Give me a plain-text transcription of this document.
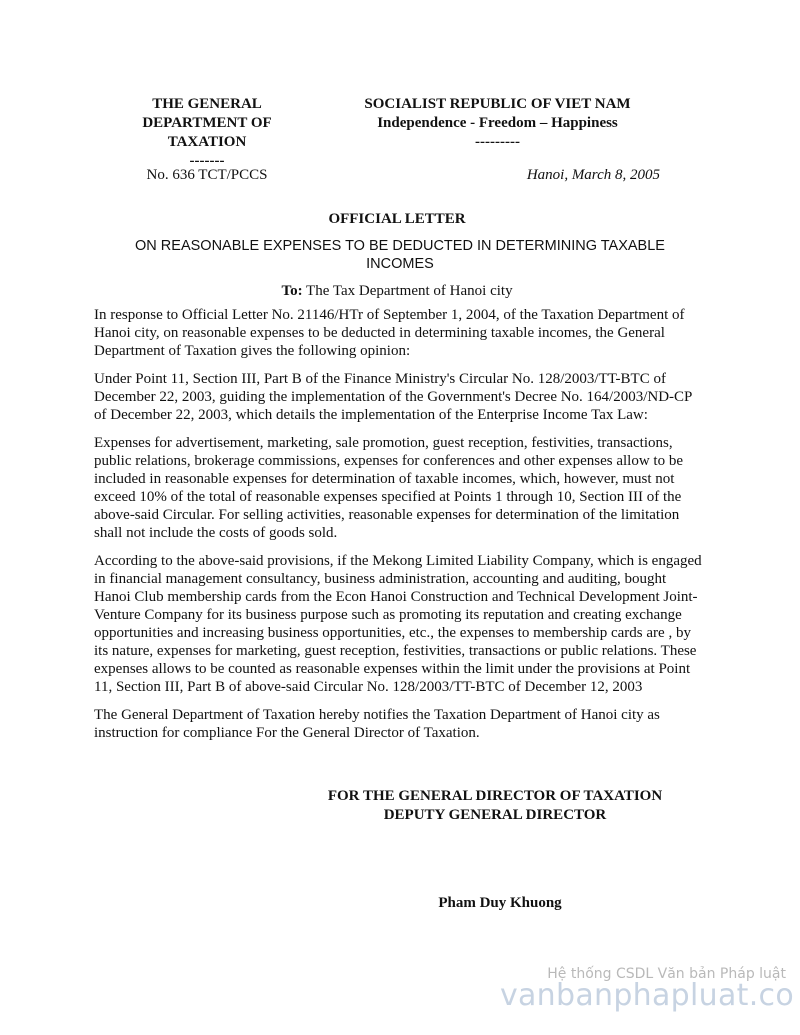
THE GENERAL
DEPARTMENT OF
TAXATION
-------
SOCIALIST REPUBLIC OF VIET NAM
Independence - Freedom – Happiness
---------
No. 636 TCT/PCCS	Hanoi, March 8, 2005
OFFICIAL LETTER
ON REASONABLE EXPENSES TO BE DEDUCTED IN DETERMINING TAXABLE INCOMES
To: The Tax Department of Hanoi city

In response to Official Letter No. 21146/HTr of September 1, 2004, of the Taxation Department of Hanoi city, on reasonable expenses to be deducted in determining taxable incomes, the General Department of Taxation gives the following opinion:

Under Point 11, Section III, Part B of the Finance Ministry's Circular No. 128/2003/TT-BTC of December 22, 2003, guiding the implementation of the Government's Decree No. 164/2003/ND-CP of December 22, 2003, which details the implementation of the Enterprise Income Tax Law:

Expenses for advertisement, marketing, sale promotion, guest reception, festivities, transactions, public relations, brokerage commissions, expenses for conferences and other expenses allow to be included in reasonable expenses for determination of taxable incomes, which, however, must not exceed 10% of the total of reasonable expenses specified at Points 1 through 10, Section III of the above-said Circular. For selling activities, reasonable expenses for determination of the limitation shall not include the costs of goods sold.

According to the above-said provisions, if the Mekong Limited Liability Company, which is engaged in financial management consultancy, business administration, accounting and auditing, bought Hanoi Club membership cards from the Econ Hanoi Construction and Technical Development Joint-Venture Company for its business purpose such as promoting its reputation and creating exchange opportunities and increasing business opportunities, etc., the expenses to membership cards are , by its nature, expenses for marketing, guest reception, festivities, transactions or public relations. These expenses allows to be counted as reasonable expenses within the limit under the provisions at Point 11, Section III, Part B of above-said Circular No. 128/2003/TT-BTC of December 12, 2003

The General Department of Taxation hereby notifies the Taxation Department of Hanoi city as instruction for compliance For the General Director of Taxation.

FOR THE GENERAL DIRECTOR OF TAXATION
DEPUTY GENERAL DIRECTOR
Pham Duy Khuong
Hệ thống CSDL Văn bản Pháp luật
vanbanphapluat.co
